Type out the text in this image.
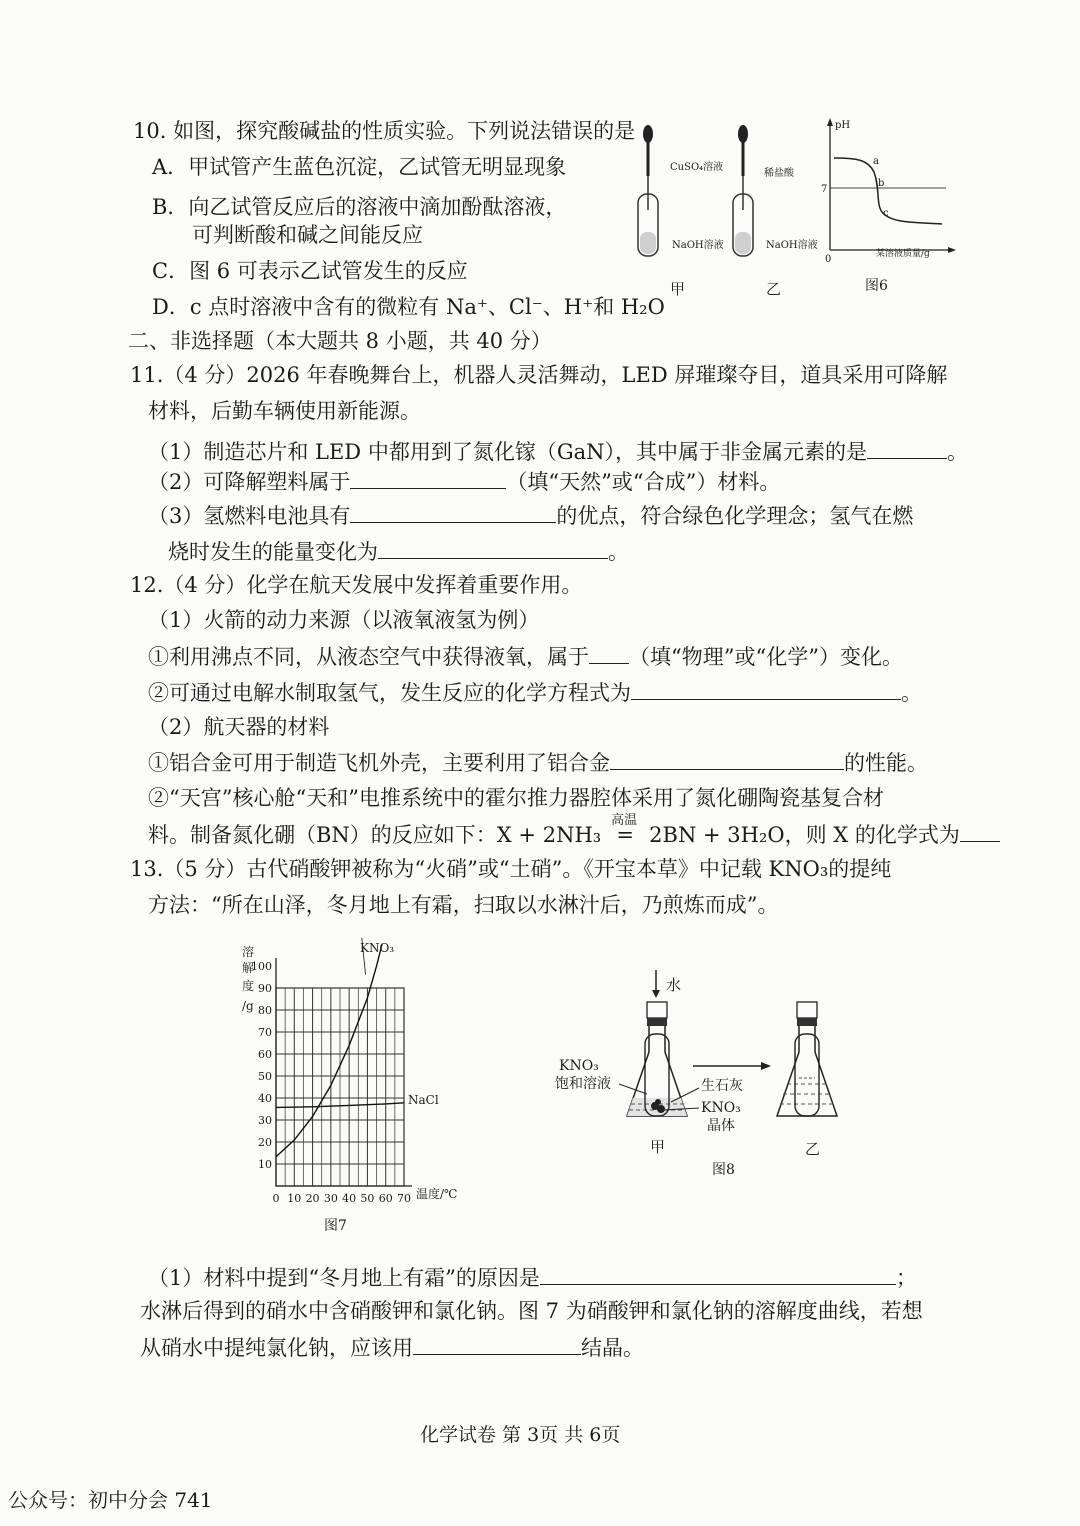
10. 如图，探究酸碱盐的性质实验。下列说法错误的是
A．甲试管产生蓝色沉淀，乙试管无明显现象
B．向乙试管反应后的溶液中滴加酚酞溶液，
可判断酸和碱之间能反应
C．图 6 可表示乙试管发生的反应
D．c 点时溶液中含有的微粒有 Na⁺、Cl⁻、H⁺和 H₂O
CuSO₄溶液
NaOH溶液
甲
稀盐酸
NaOH溶液
乙
pH
7
0	某溶液质量/g
a
b
c
图6
二、非选择题（本大题共 8 小题，共 40 分）
11.（4 分）2026 年春晚舞台上，机器人灵活舞动，LED 屏璀璨夺目，道具采用可降解
材料，后勤车辆使用新能源。
（1）制造芯片和 LED 中都用到了氮化镓（GaN），其中属于非金属元素的是	。
（2）可降解塑料属于	（填“天然”或“合成”）材料。
（3）氢燃料电池具有	的优点，符合绿色化学理念；氢气在燃
烧时发生的能量变化为	。
12.（4 分）化学在航天发展中发挥着重要作用。
（1）火箭的动力来源（以液氧液氢为例）
①利用沸点不同，从液态空气中获得液氧，属于 （填“物理”或“化学”）变化。
②可通过电解水制取氢气，发生反应的化学方程式为	。
（2）航天器的材料
①铝合金可用于制造飞机外壳，主要利用了铝合金	的性能。
②“天宫”核心舱“天和”电推系统中的霍尔推力器腔体采用了氮化硼陶瓷基复合材
料。制备氮化硼（BN）的反应如下：X + 2NH₃
高温
= 2BN + 3H₂O，则 X 的化学式为
13.（5 分）古代硝酸钾被称为“火硝”或“土硝”。《开宝本草》中记载 KNO₃的提纯
方法：“所在山泽，冬月地上有霜，扫取以水淋汁后，乃煎炼而成”。
100
90
80
70
60
50
40
30
20
10
0 10 20 30 40 50 60 70
溶
解
度
/g
KNO₃
NaCl
温度/℃
图7
水
KNO₃
饱和溶液	生石灰
KNO₃
晶体
甲	乙
图8
（1）材料中提到“冬月地上有霜”的原因是	；
水淋后得到的硝水中含硝酸钾和氯化钠。图 7 为硝酸钾和氯化钠的溶解度曲线，若想
从硝水中提纯氯化钠，应该用	结晶。
化学试卷 第 3页 共 6页
公众号：初中分会 741
